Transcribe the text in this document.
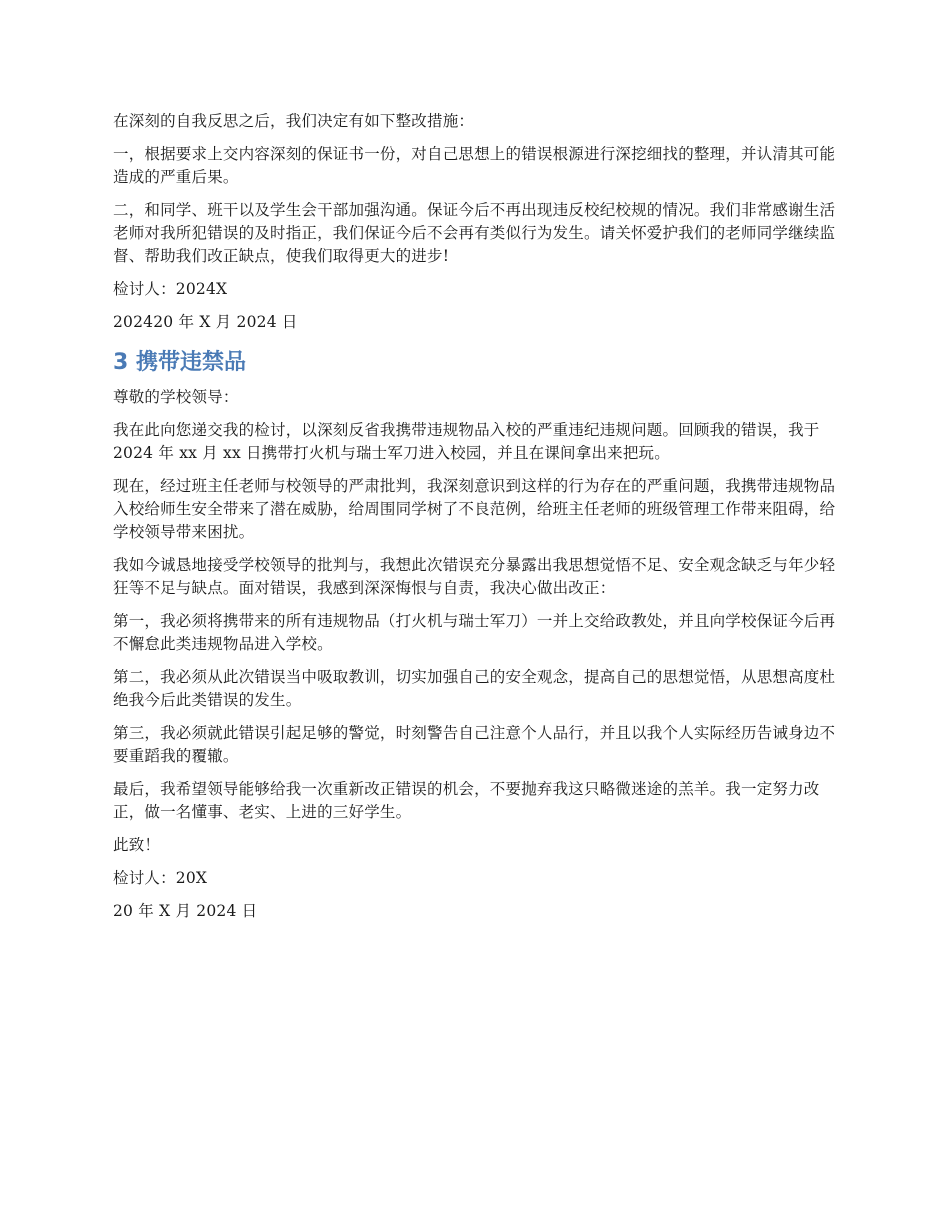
在深刻的自我反思之后，我们决定有如下整改措施：

一，根据要求上交内容深刻的保证书一份，对自己思想上的错误根源进行深挖细找的整理，并认清其可能造成的严重后果。

二，和同学、班干以及学生会干部加强沟通。保证今后不再出现违反校纪校规的情况。我们非常感谢生活老师对我所犯错误的及时指正，我们保证今后不会再有类似行为发生。请关怀爱护我们的老师同学继续监督、帮助我们改正缺点，使我们取得更大的进步!

检讨人：2024X

202420 年 X 月 2024 日

3 携带违禁品

尊敬的学校领导：

我在此向您递交我的检讨，以深刻反省我携带违规物品入校的严重违纪违规问题。回顾我的错误，我于 2024 年 xx 月 xx 日携带打火机与瑞士军刀进入校园，并且在课间拿出来把玩。

现在，经过班主任老师与校领导的严肃批判，我深刻意识到这样的行为存在的严重问题，我携带违规物品入校给师生安全带来了潜在威胁，给周围同学树了不良范例，给班主任老师的班级管理工作带来阻碍，给学校领导带来困扰。

我如今诚恳地接受学校领导的批判与，我想此次错误充分暴露出我思想觉悟不足、安全观念缺乏与年少轻狂等不足与缺点。面对错误，我感到深深悔恨与自责，我决心做出改正：

第一，我必须将携带来的所有违规物品（打火机与瑞士军刀）一并上交给政教处，并且向学校保证今后再不懈怠此类违规物品进入学校。

第二，我必须从此次错误当中吸取教训，切实加强自己的安全观念，提高自己的思想觉悟，从思想高度杜绝我今后此类错误的发生。

第三，我必须就此错误引起足够的警觉，时刻警告自己注意个人品行，并且以我个人实际经历告诫身边不要重蹈我的覆辙。

最后，我希望领导能够给我一次重新改正错误的机会，不要抛弃我这只略微迷途的羔羊。我一定努力改正，做一名懂事、老实、上进的三好学生。

此致！

检讨人：20X

20 年 X 月 2024 日
